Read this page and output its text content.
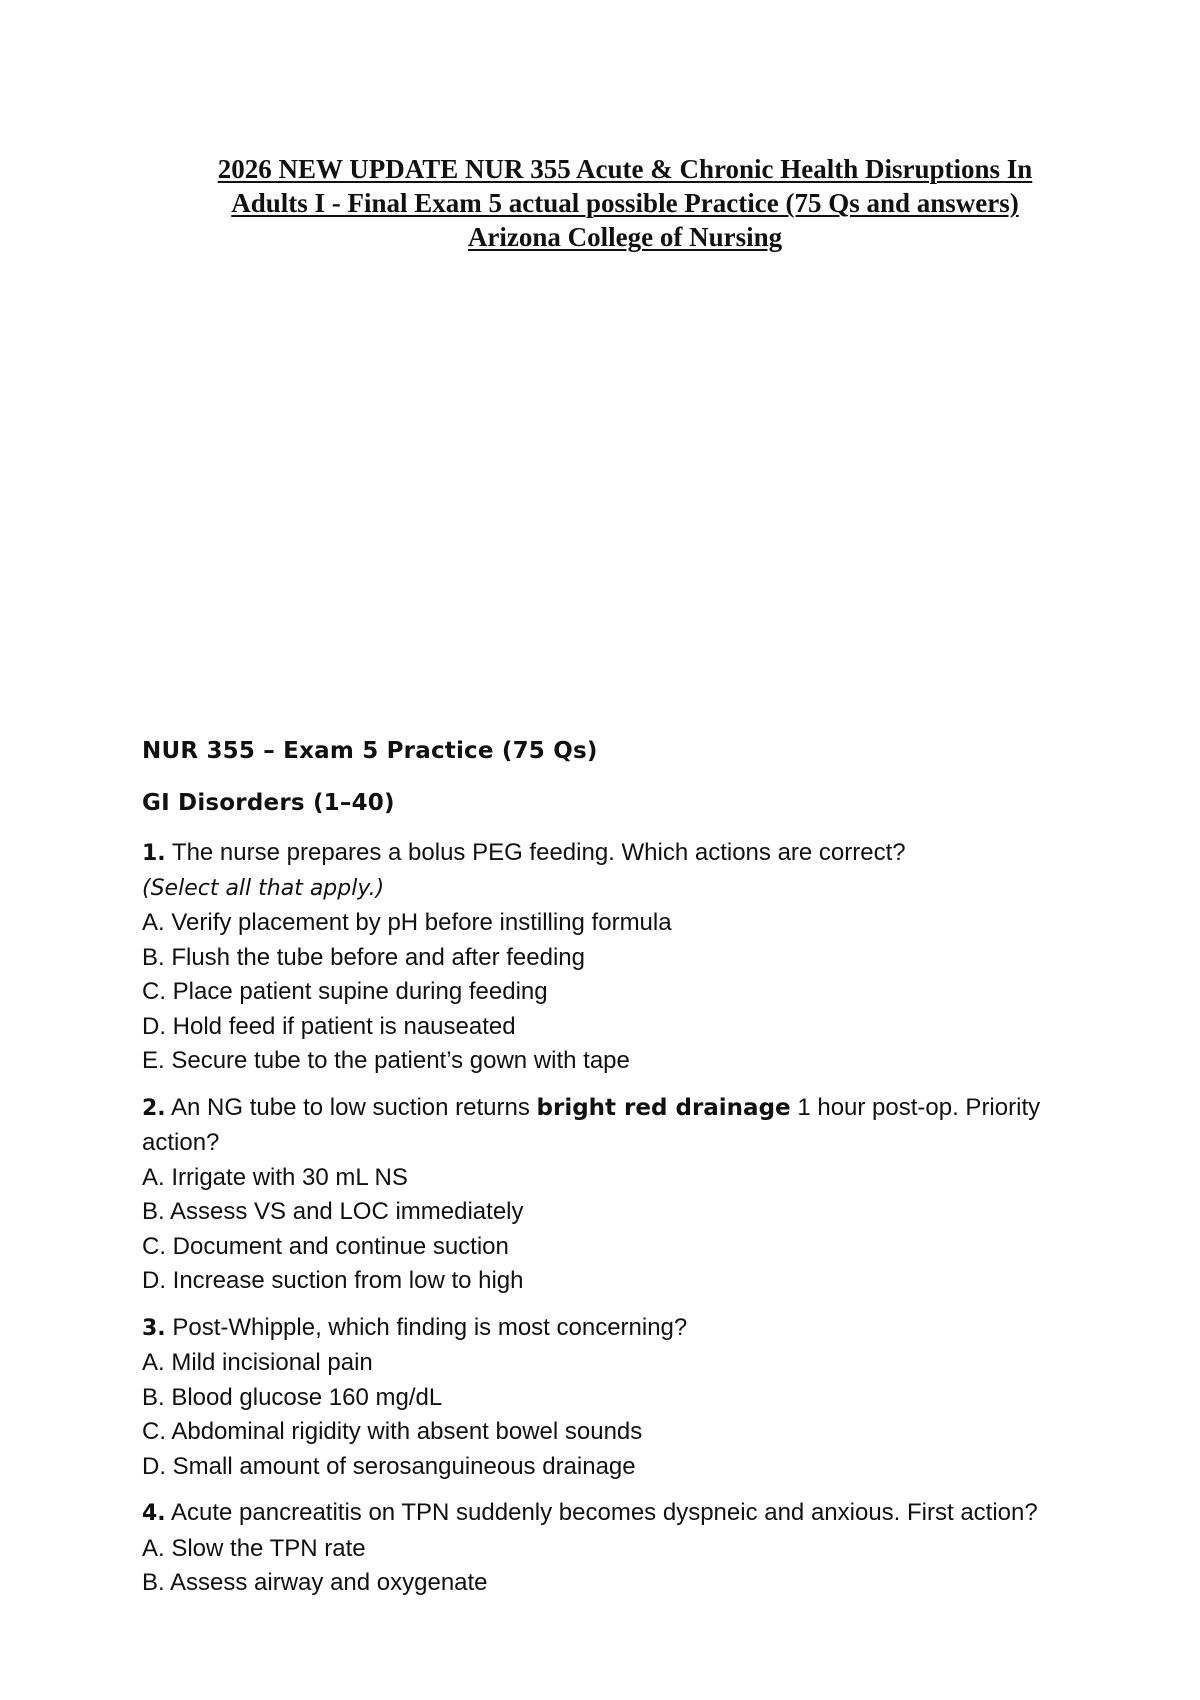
2026 NEW UPDATE NUR 355 Acute & Chronic Health Disruptions In
Adults I - Final Exam 5 actual possible Practice (75 Qs and answers)
Arizona College of Nursing
NUR 355 – Exam 5 Practice (75 Qs)
GI Disorders (1–40)
1. The nurse prepares a bolus PEG feeding. Which actions are correct?
(Select all that apply.)
A. Verify placement by pH before instilling formula
B. Flush the tube before and after feeding
C. Place patient supine during feeding
D. Hold feed if patient is nauseated
E. Secure tube to the patient’s gown with tape
2. An NG tube to low suction returns bright red drainage 1 hour post-op. Priority action?
A. Irrigate with 30 mL NS
B. Assess VS and LOC immediately
C. Document and continue suction
D. Increase suction from low to high
3. Post-Whipple, which finding is most concerning?
A. Mild incisional pain
B. Blood glucose 160 mg/dL
C. Abdominal rigidity with absent bowel sounds
D. Small amount of serosanguineous drainage
4. Acute pancreatitis on TPN suddenly becomes dyspneic and anxious. First action?
A. Slow the TPN rate
B. Assess airway and oxygenate
